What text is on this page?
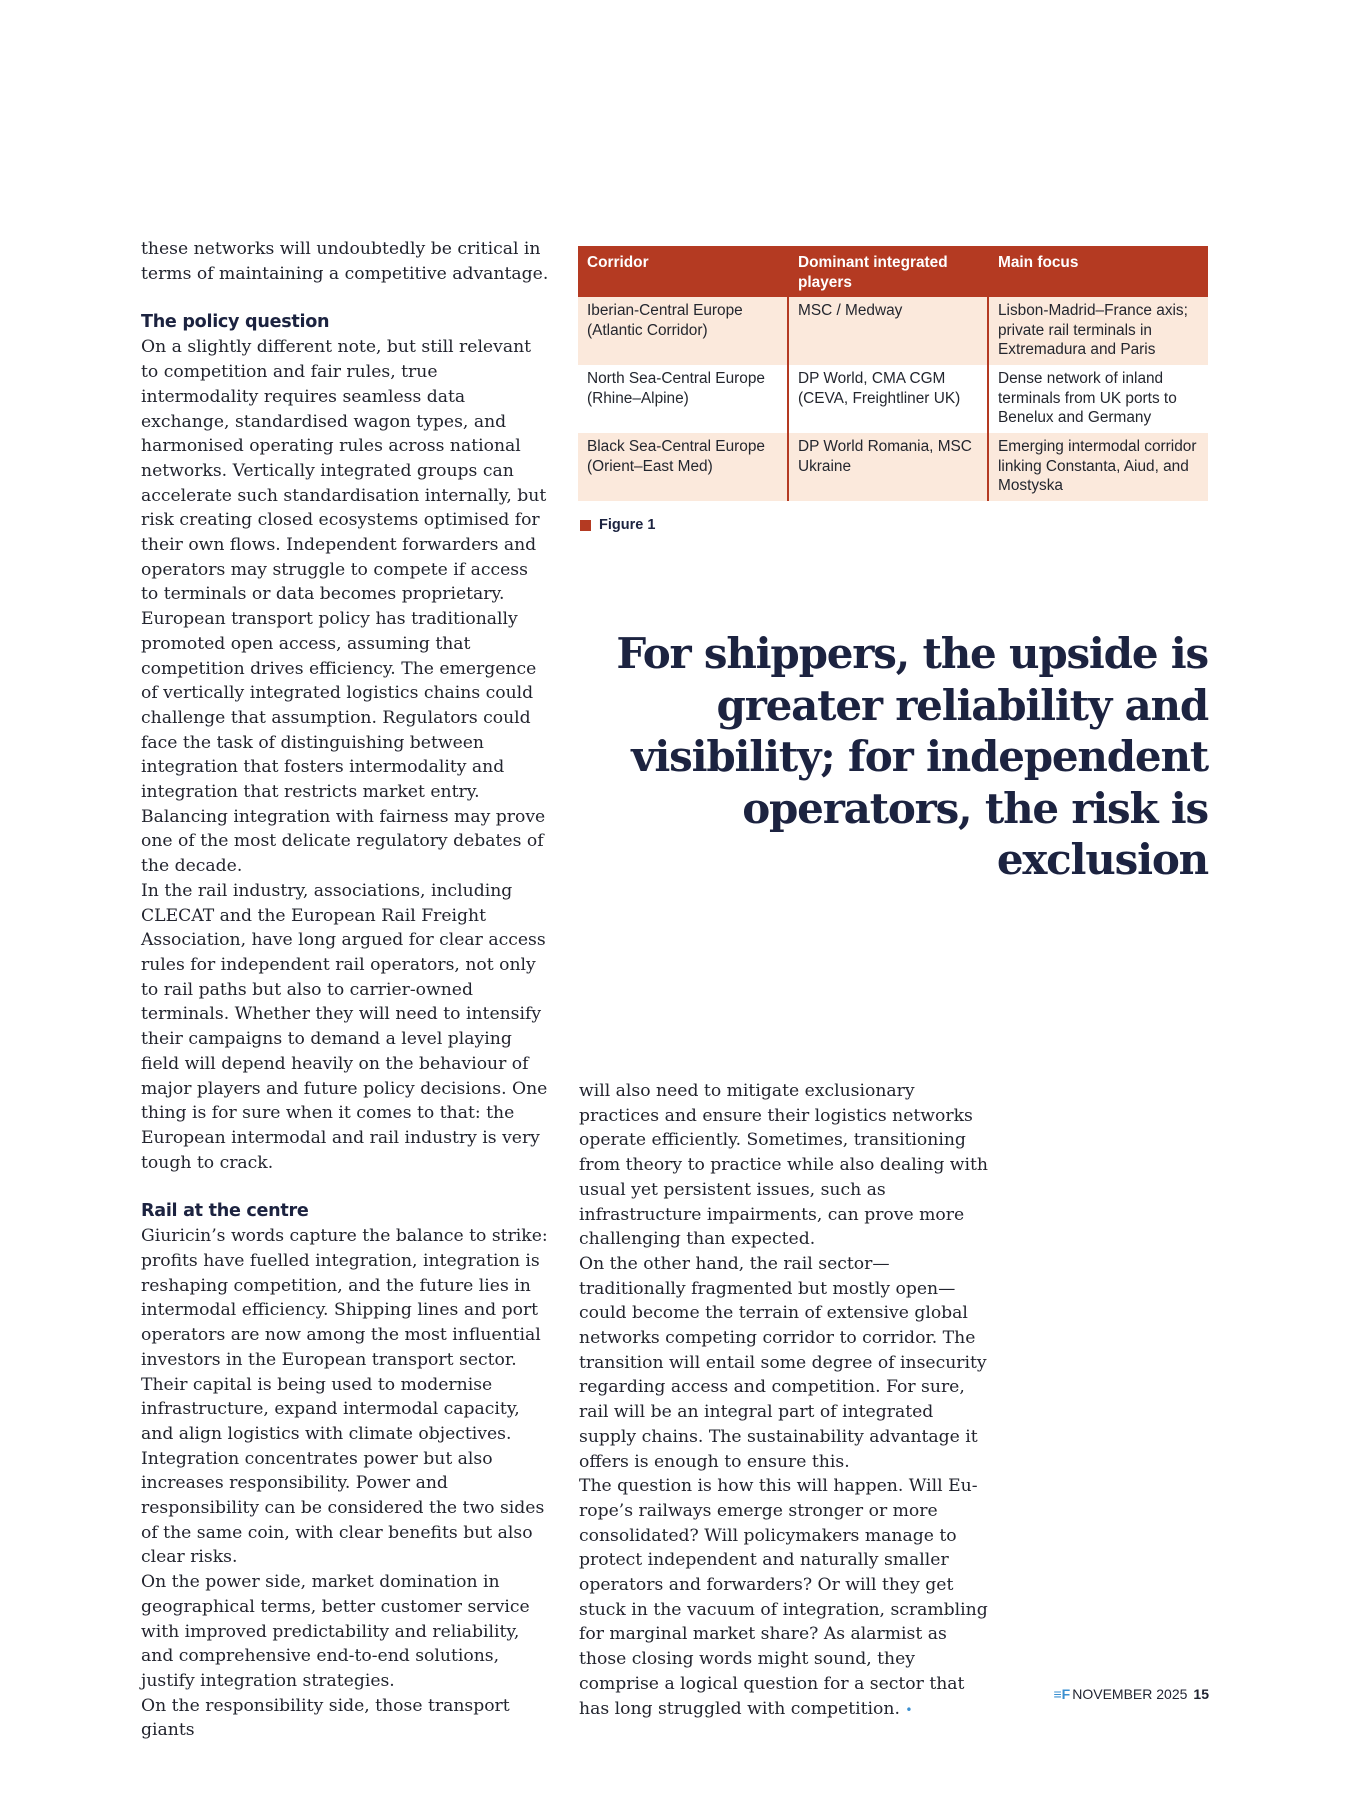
these networks will undoubtedly be critical in terms of maintaining a competitive advantage.

The policy question

On a slightly different note, but still relevant to competition and fair rules, true intermodality requires seamless data exchange, standardised wagon types, and harmonised operating rules across national networks. Vertically integrated groups can accelerate such standardisation internally, but risk creating closed ecosystems optimised for their own flows. Independent forwarders and operators may struggle to compete if access to terminals or data becomes proprietary.

European transport policy has traditionally promoted open access, assuming that competition drives efficiency. The emergence of vertically integrated logistics chains could challenge that assumption. Regulators could face the task of distinguishing between integration that fosters intermodality and integration that restricts market entry. Balancing integration with fairness may prove one of the most delicate regulatory debates of the decade.

In the rail industry, associations, including CLECAT and the European Rail Freight Association, have long argued for clear access rules for independent rail operators, not only to rail paths but also to carrier-owned terminals. Whether they will need to intensify their campaigns to demand a level playing field will depend heavily on the behaviour of major players and future policy decisions. One thing is for sure when it comes to that: the European intermodal and rail industry is very tough to crack.

Rail at the centre

Giuricin’s words capture the balance to strike: profits have fuelled integration, integration is reshaping competition, and the future lies in intermodal efficiency. Shipping lines and port operators are now among the most influential investors in the European transport sector. Their capital is being used to modernise infrastructure, expand intermodal capacity, and align logistics with climate objectives.

Integration concentrates power but also increases responsibility. Power and responsibility can be considered the two sides of the same coin, with clear benefits but also clear risks.

On the power side, market domination in geographical terms, better customer service with improved predictability and reliability, and comprehensive end-to-end solutions, justify integration strategies.

On the responsibility side, those transport giants

Corridor	Dominant integrated players	Main focus
Iberian-Central Europe (Atlantic Corridor)	MSC / Medway	Lisbon-Madrid–France axis; private rail terminals in Extremadura and Paris
North Sea-Central Europe (Rhine–Alpine)	DP World, CMA CGM (CEVA, Freightliner UK)	Dense network of inland terminals from UK ports to Benelux and Germany
Black Sea-Central Europe (Orient–East Med)	DP World Romania, MSC Ukraine	Emerging intermodal corridor linking Constanta, Aiud, and Mostyska
Figure 1
For shippers, the upside is greater reliability and visibility; for independent operators, the risk is exclusion

will also need to mitigate exclusionary practices and ensure their logistics networks operate efficiently. Sometimes, transitioning from theory to practice while also dealing with usual yet persistent issues, such as infrastructure impairments, can prove more challenging than expected.

On the other hand, the rail sector—traditionally fragmented but mostly open—could become the terrain of extensive global networks competing corridor to corridor. The transition will entail some degree of insecurity regarding access and competition. For sure, rail will be an integral part of integrated supply chains. The sustainability advantage it offers is enough to ensure this.

The question is how this will happen. Will Europe’s railways emerge stronger or more consolidated? Will policymakers manage to protect independent and naturally smaller operators and forwarders? Or will they get stuck in the vacuum of integration, scrambling for marginal market share? As alarmist as those closing words might sound, they comprise a logical question for a sector that has long struggled with competition. •

≡F NOVEMBER 2025 15
